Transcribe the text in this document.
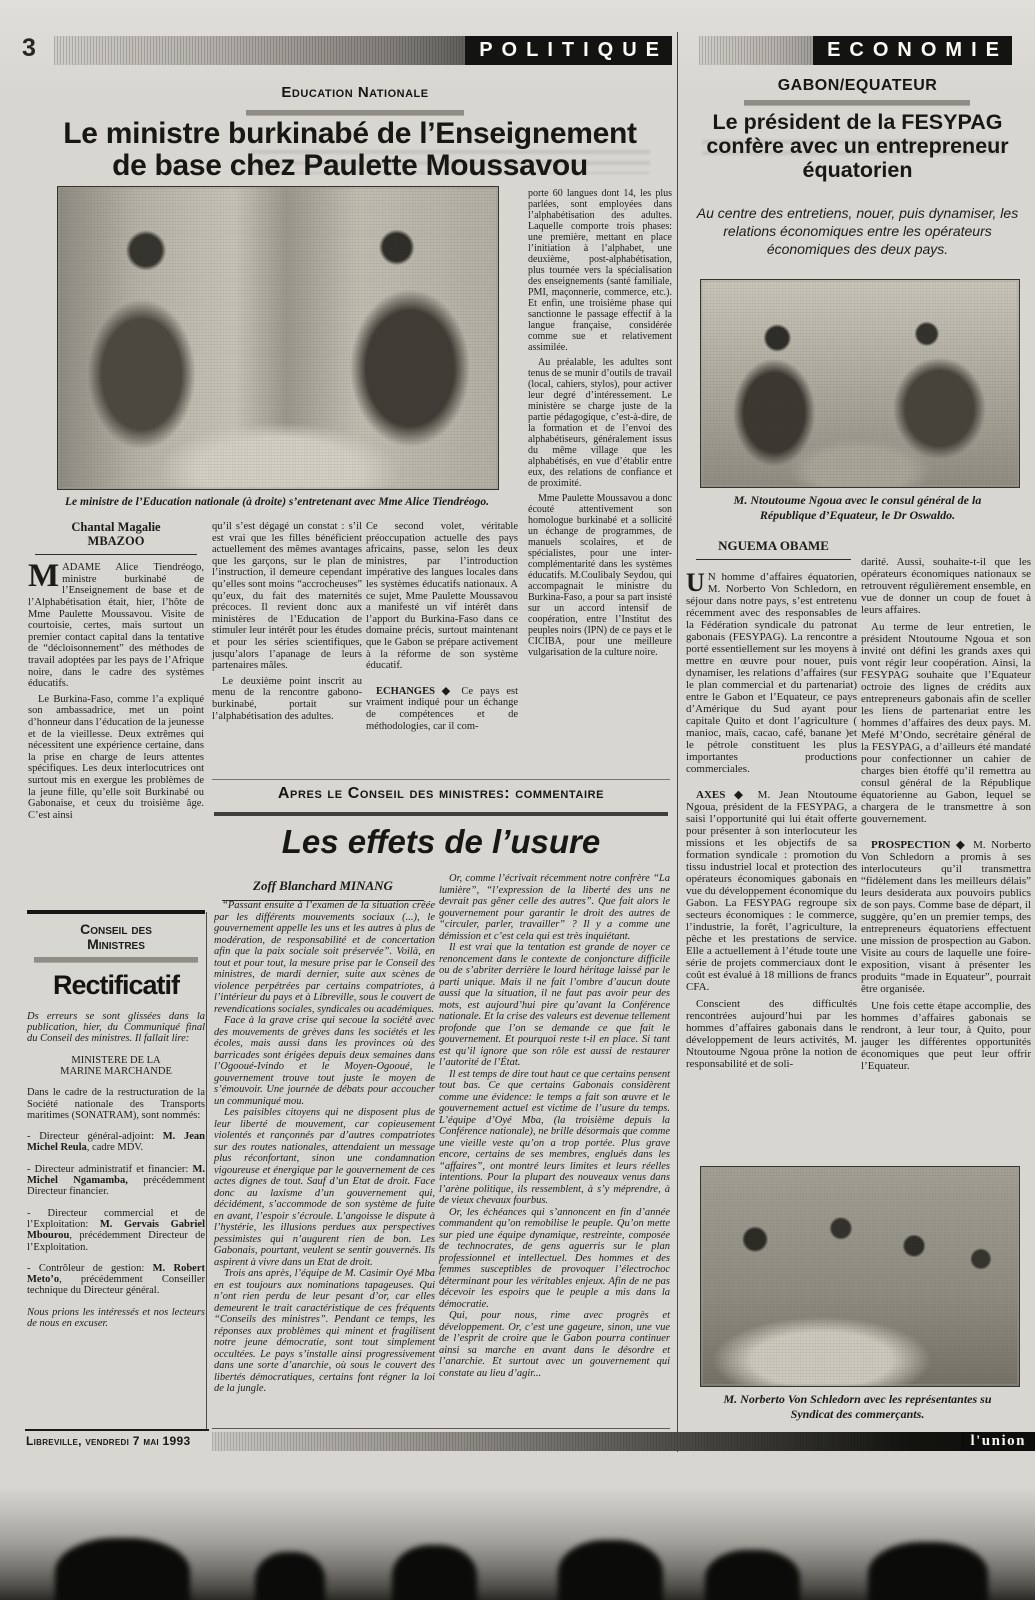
3	POLITIQUE	ECONOMIE
Education Nationale
Le ministre burkinabé de l’Enseignement
de base chez Paulette Moussavou
Le ministre de l’Education nationale (à droite) s’entretenant avec Mme Alice Tiendréogo.
Chantal Magalie
MBAZOO

MADAME Alice Tiendréogo, ministre burkinabé de l’Enseignement de base et de l’Alphabétisation était, hier, l’hôte de Mme Paulette Moussavou. Visite de courtoisie, certes, mais surtout un premier contact capital dans la tentative de “décloisonnement” des méthodes de travail adoptées par les pays de l’Afrique noire, dans le cadre des systèmes éducatifs.

Le Burkina-Faso, comme l’a expliqué son ambassadrice, met un point d’honneur dans l’éducation de la jeunesse et de la vieillesse. Deux extrêmes qui nécessitent une expérience certaine, dans la prise en charge de leurs attentes spécifiques. Les deux interlocutrices ont surtout mis en exergue les problèmes de la jeune fille, qu’elle soit Burkinabé ou Gabonaise, et ceux du troisième âge. C’est ainsi

qu’il s’est dégagé un constat : s’il est vrai que les filles bénéficient actuellement des mêmes avantages que les garçons, sur le plan de l’instruction, il demeure cependant qu’elles sont moins “accrocheuses” qu’eux, du fait des maternités précoces. Il revient donc aux ministères de l’Education de stimuler leur intérêt pour les études et pour les séries scientifiques, jusqu’alors l’apanage de leurs partenaires mâles.

Le deuxième point inscrit au menu de la rencontre gabono-burkinabé, portait sur l’alphabétisation des adultes.

Ce second volet, véritable préoccupation actuelle des pays africains, passe, selon les deux ministres, par l’introduction impérative des langues locales dans les systèmes éducatifs nationaux. A ce sujet, Mme Paulette Moussavou a manifesté un vif intérêt dans l’apport du Burkina-Faso dans ce domaine précis, surtout maintenant que le Gabon se prépare activement à la réforme de son système éducatif.

ECHANGES ◆ Ce pays est vraiment indiqué pour un échange de compétences et de méthodologies, car il com-

porte 60 langues dont 14, les plus parlées, sont employées dans l’alphabétisation des adultes. Laquelle comporte trois phases: une première, mettant en place l’initiation à l’alphabet, une deuxième, post-alphabétisation, plus tournée vers la spécialisation des enseignements (santé familiale, PMI, maçonnerie, commerce, etc.). Et enfin, une troisième phase qui sanctionne le passage effectif à la langue française, considérée comme sue et relativement assimilée.

Au préalable, les adultes sont tenus de se munir d’outils de travail (local, cahiers, stylos), pour activer leur degré d’intéressement. Le ministère se charge juste de la partie pédagogique, c’est-à-dire, de la formation et de l’envoi des alphabétiseurs, généralement issus du même village que les alphabétisés, en vue d’établir entre eux, des relations de confiance et de proximité.

Mme Paulette Moussavou a donc écouté attentivement son homologue burkinabé et a sollicité un échange de programmes, de manuels scolaires, et de spécialistes, pour une inter-complémentarité dans les systèmes éducatifs. M.Coulibaly Seydou, qui accompagnait le ministre du Burkina-Faso, a pour sa part insisté sur un accord intensif de coopération, entre l’Institut des peuples noirs (IPN) de ce pays et le CICIBA, pour une meilleure vulgarisation de la culture noire.

Apres le Conseil des ministres: commentaire
Les effets de l’usure
Zoff Blanchard MINANG

“Passant ensuite à l’examen de la situation créée par les différents mouvements sociaux (...), le gouvernement appelle les uns et les autres à plus de modération, de responsabilité et de concertation afin que la paix sociale soit préservée”. Voilà, en tout et pour tout, la mesure prise par le Conseil des ministres, de mardi dernier, suite aux scènes de violence perpétrées par certains compatriotes, à l’intérieur du pays et à Libreville, sous le couvert de revendications sociales, syndicales ou académiques.

Face à la grave crise qui secoue la société avec des mouvements de grèves dans les sociétés et les écoles, mais aussi dans les provinces où des barricades sont érigées depuis deux semaines dans l’Ogooué-Ivindo et le Moyen-Ogooué, le gouvernement trouve tout juste le moyen de s’émouvoir. Une journée de débats pour accoucher un communiqué mou.

Les paisibles citoyens qui ne disposent plus de leur liberté de mouvement, car copieusement violentés et rançonnés par d’autres compatriotes sur des routes nationales, attendaient un message plus réconfortant, sinon une condamnation vigoureuse et énergique par le gouvernement de ces actes dignes de tout. Sauf d’un Etat de droit. Face donc au laxisme d’un gouvernement qui, décidément, s’accommode de son système de fuite en avant, l’espoir s’écroule. L’angoisse le dispute à l’hystérie, les illusions perdues aux perspectives pessimistes qui n’augurent rien de bon. Les Gabonais, pourtant, veulent se sentir gouvernés. Ils aspirent à vivre dans un Etat de droit.

Trois ans après, l’équipe de M. Casimir Oyé Mba en est toujours aux nominations tapageuses. Qui n’ont rien perdu de leur pesant d’or, car elles demeurent le trait caractéristique de ces fréquents “Conseils des ministres”. Pendant ce temps, les réponses aux problèmes qui minent et fragilisent notre jeune démocratie, sont tout simplement occultées. Le pays s’installe ainsi progressivement dans une sorte d’anarchie, où sous le couvert des libertés démocratiques, certains font régner la loi de la jungle.

Or, comme l’écrivait récemment notre confrère “La lumière”, “l’expression de la liberté des uns ne devrait pas gêner celle des autres”. Que fait alors le gouvernement pour garantir le droit des autres de “circuler, parler, travailler” ? Il y a comme une démission et c’est cela qui est très inquiétant.

Il est vrai que la tentation est grande de noyer ce renoncement dans le contexte de conjoncture difficile ou de s’abriter derrière le lourd héritage laissé par le parti unique. Mais il ne fait l’ombre d’aucun doute aussi que la situation, il ne faut pas avoir peur des mots, est aujourd’hui pire qu’avant la Conférence nationale. Et la crise des valeurs est devenue tellement profonde que l’on se demande ce que fait le gouvernement. Et pourquoi reste t-il en place. Si tant est qu’il ignore que son rôle est aussi de restaurer l’autorité de l’État.

Il est temps de dire tout haut ce que certains pensent tout bas. Ce que certains Gabonais considèrent comme une évidence: le temps a fait son œuvre et le gouvernement actuel est victime de l’usure du temps. L’équipe d’Oyé Mba, (la troisième depuis la Conférence nationale), ne brille désormais que comme une vieille veste qu’on a trop portée. Plus grave encore, certains de ses membres, englués dans les “affaires”, ont montré leurs limites et leurs réelles intentions. Pour la plupart des nouveaux venus dans l’arène politique, ils ressemblent, à s’y méprendre, à de vieux chevaux fourbus.

Or, les échéances qui s’annoncent en fin d’année commandent qu’on remobilise le peuple. Qu’on mette sur pied une équipe dynamique, restreinte, composée de technocrates, de gens aguerris sur le plan professionnel et intellectuel. Des hommes et des femmes susceptibles de provoquer l’électrochoc déterminant pour les véritables enjeux. Afin de ne pas décevoir les espoirs que le peuple a mis dans la démocratie.

Qui, pour nous, rime avec progrès et développement. Or, c’est une gageure, sinon, une vue de l’esprit de croire que le Gabon pourra continuer ainsi sa marche en avant dans le désordre et l’anarchie. Et surtout avec un gouvernement qui constate au lieu d’agir...

Conseil des
Ministres
Rectificatif

Ds erreurs se sont glissées dans la publication, hier, du Communiqué final du Conseil des ministres. Il fallait lire:

MINISTERE DE LA
MARINE MARCHANDE

Dans le cadre de la restructuration de la Société nationale des Transports maritimes (SONATRAM), sont nommés:

- Directeur général-adjoint: M. Jean Michel Reula, cadre MDV.

- Directeur administratif et financier: M. Michel Ngamamba, précédemment Directeur financier.

- Directeur commercial et de l’Exploitation: M. Gervais Gabriel Mbourou, précédemment Directeur de l’Exploitation.

- Contrôleur de gestion: M. Robert Meto’o, précédemment Conseiller technique du Directeur général.

Nous prions les intéressés et nos lecteurs de nous en excuser.

GABON/EQUATEUR
Le président de la FESYPAG
confère avec un entrepreneur
équatorien
Au centre des entretiens, nouer, puis dynamiser, les relations économiques entre les opérateurs économiques des deux pays.
M. Ntoutoume Ngoua avec le consul général de la
République d’Equateur, le Dr Oswaldo.
NGUEMA OBAME

U N homme d’affaires équatorien, M. Norberto Von Schledorn, en séjour dans notre pays, s’est entretenu récemment avec des responsables de la Fédération syndicale du patronat gabonais (FESYPAG). La rencontre a porté essentiellement sur les moyens à mettre en œuvre pour nouer, puis dynamiser, les relations d’affaires (sur le plan commercial et du partenariat) entre le Gabon et l’Equateur, ce pays d’Amérique du Sud ayant pour capitale Quito et dont l’agriculture ( manioc, maïs, cacao, café, banane )et le pétrole constituent les plus importantes productions commerciales.

AXES ◆ M. Jean Ntoutoume Ngoua, président de la FESYPAG, a saisi l’opportunité qui lui était offerte pour présenter à son interlocuteur les missions et les objectifs de sa formation syndicale : promotion du tissu industriel local et protection des opérateurs économiques gabonais en vue du développement économique du Gabon. La FESYPAG regroupe six secteurs économiques : le commerce, l’industrie, la forêt, l’agriculture, la pêche et les prestations de service. Elle a actuellement à l’étude toute une série de projets commerciaux dont le coût est évalué à 18 millions de francs CFA.

Conscient des difficultés rencontrées aujourd’hui par les hommes d’affaires gabonais dans le développement de leurs activités, M. Ntoutoume Ngoua prône la notion de responsabilité et de soli-

darité. Aussi, souhaite-t-il que les opérateurs économiques nationaux se retrouvent régulièrement ensemble, en vue de donner un coup de fouet à leurs affaires.

Au terme de leur entretien, le président Ntoutoume Ngoua et son invité ont défini les grands axes qui vont régir leur coopération. Ainsi, la FESYPAG souhaite que l’Equateur octroie des lignes de crédits aux entrepreneurs gabonais afin de sceller les liens de partenariat entre les hommes d’affaires des deux pays. M. Mefé M’Ondo, secrétaire général de la FESYPAG, a d’ailleurs été mandaté pour confectionner un cahier de charges bien étoffé qu’il remettra au consul général de la République équatorienne au Gabon, lequel se chargera de le transmettre à son gouvernement.

PROSPECTION ◆ M. Norberto Von Schledorn a promis à ses interlocuteurs qu’il transmettra “fidèlement dans les meilleurs délais” leurs desiderata aux pouvoirs publics de son pays. Comme base de départ, il suggère, qu’en un premier temps, des entrepreneurs équatoriens effectuent une mission de prospection au Gabon. Visite au cours de laquelle une foire-exposition, visant à présenter les produits “made in Equateur”, pourrait être organisée.

Une fois cette étape accomplie, des hommes d’affaires gabonais se rendront, à leur tour, à Quito, pour jauger les différentes opportunités économiques que peut leur offrir l’Equateur.

M. Norberto Von Schledorn avec les représentantes su
Syndicat des commerçants.
Libreville, vendredi 7 mai 1993	l'union
